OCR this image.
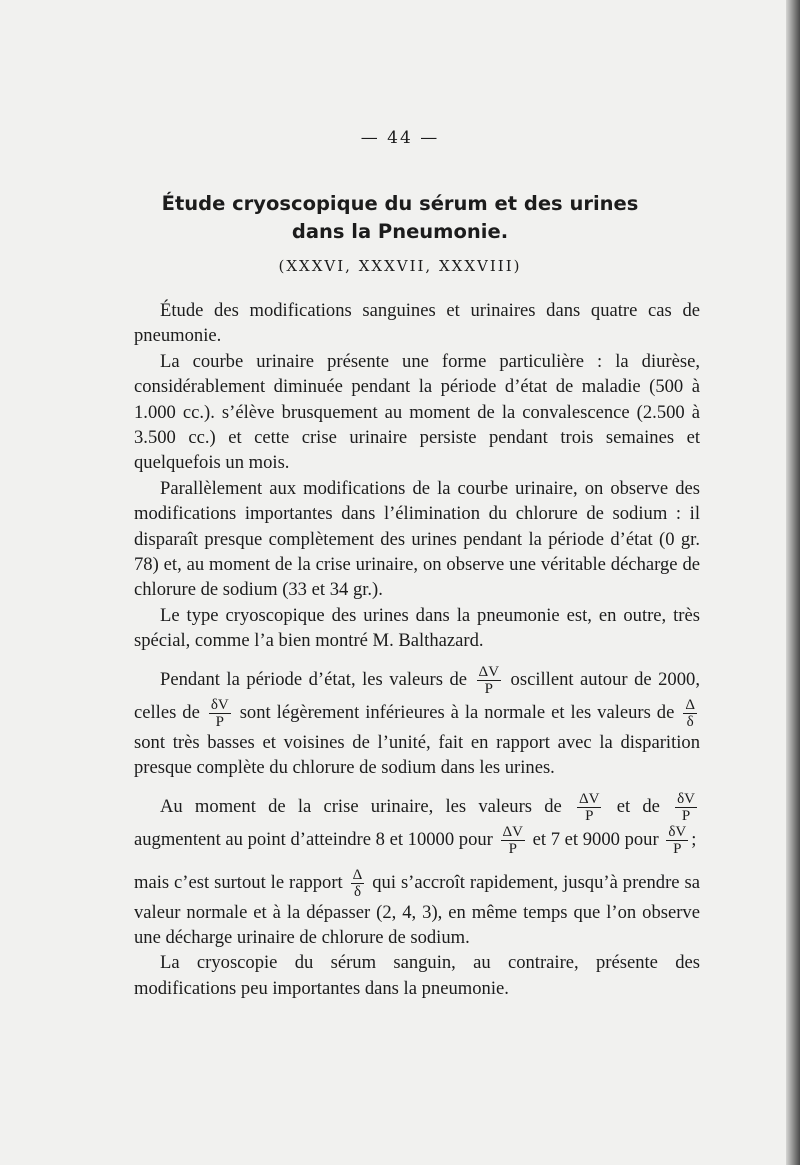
— 44 —
Étude cryoscopique du sérum et des urines
dans la Pneumonie.
(XXXVI, XXXVII, XXXVIII)

Étude des modifications sanguines et urinaires dans quatre cas de pneumonie.

La courbe urinaire présente une forme particulière : la diurèse, considérablement diminuée pendant la période d’état de maladie (500 à 1.000 cc.). s’élève brusquement au moment de la convalescence (2.500 à 3.500 cc.) et cette crise urinaire persiste pendant trois semaines et quelquefois un mois.

Parallèlement aux modifications de la courbe urinaire, on observe des modifications importantes dans l’élimination du chlorure de sodium : il disparaît presque complètement des urines pendant la période d’état (0 gr. 78) et, au moment de la crise urinaire, on observe une véritable décharge de chlorure de sodium (33 et 34 gr.).

Le type cryoscopique des urines dans la pneumonie est, en outre, très spécial, comme l’a bien montré M. Balthazard.

Pendant la période d’état, les valeurs de $\frac{\Delta V}{P}$ oscillent autour de 2000, celles de $\frac{\delta V}{P}$ sont légèrement inférieures à la normale et les valeurs de $\frac{\Delta}{\delta}$
sont très basses et voisines de l’unité, fait en rapport avec la disparition presque complète du chlorure de sodium dans les urines.

Au moment de la crise urinaire, les valeurs de $\frac{\Delta V}{P}$ et de $\frac{\delta V}{P}$
augmentent au point d’atteindre 8 et 10000 pour $\frac{\Delta V}{P}$ et 7 et 9000 pour $\frac{\delta V}{P}$ ;

mais c’est surtout le rapport $\frac{\Delta}{\delta}$ qui s’accroît rapidement, jusqu’à prendre sa valeur normale et à la dépasser (2, 4, 3), en même temps que l’on observe une décharge urinaire de chlorure de sodium.

La cryoscopie du sérum sanguin, au contraire, présente des modifications peu importantes dans la pneumonie.
